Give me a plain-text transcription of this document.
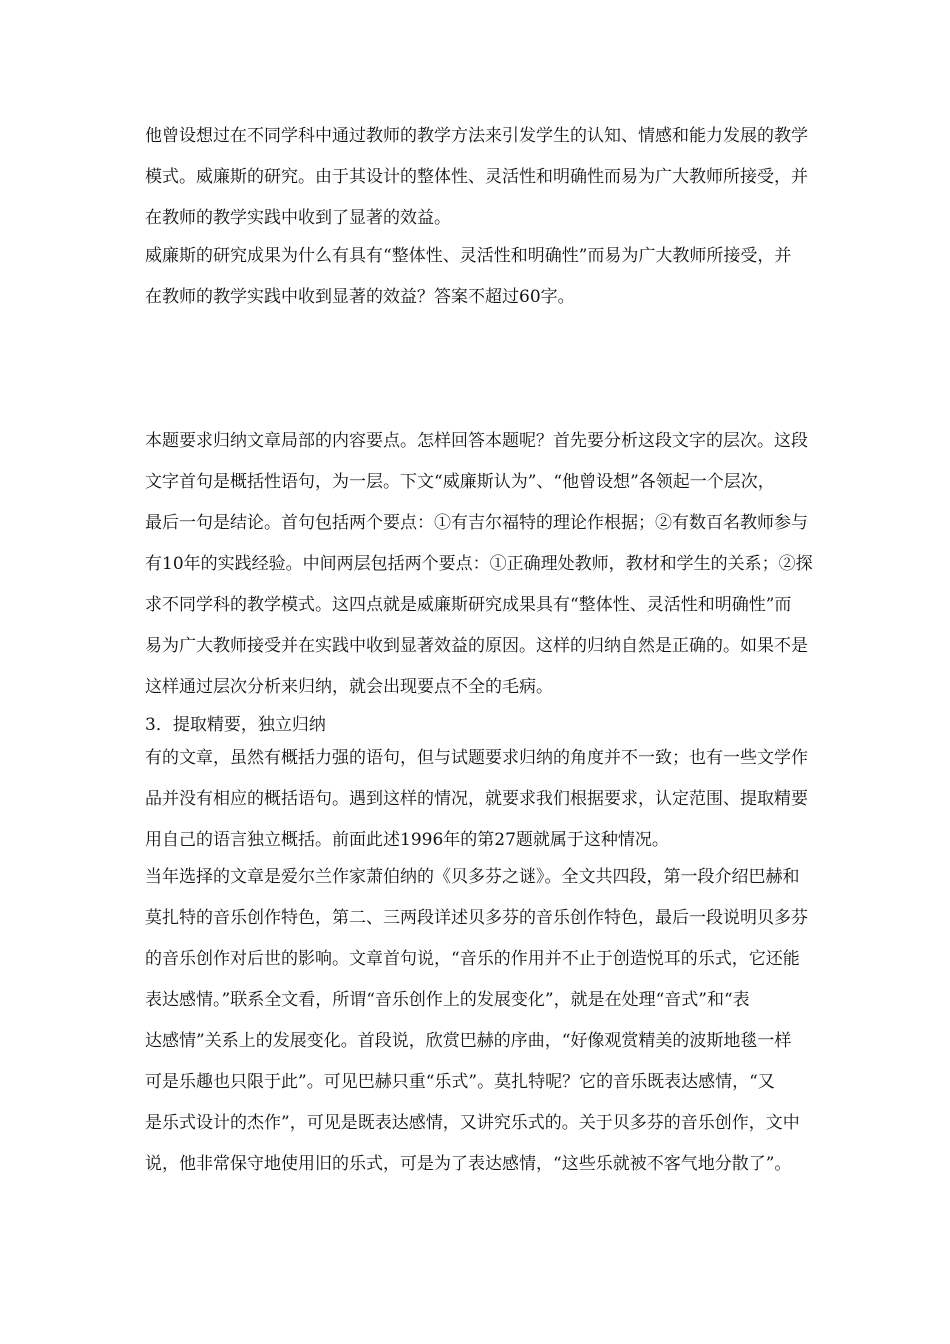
他曾设想过在不同学科中通过教师的教学方法来引发学生的认知、情感和能力发展的教学
模式。威廉斯的研究。由于其设计的整体性、灵活性和明确性而易为广大教师所接受，并
在教师的教学实践中收到了显著的效益。
威廉斯的研究成果为什么有具有“整体性、灵活性和明确性”而易为广大教师所接受，并
在教师的教学实践中收到显著的效益？答案不超过60字。
本题要求归纳文章局部的内容要点。怎样回答本题呢？首先要分析这段文字的层次。这段
文字首句是概括性语句，为一层。下文“威廉斯认为”、“他曾设想”各领起一个层次，
最后一句是结论。首句包括两个要点：①有吉尔福特的理论作根据；②有数百名教师参与
有10年的实践经验。中间两层包括两个要点：①正确理处教师，教材和学生的关系；②探
求不同学科的教学模式。这四点就是威廉斯研究成果具有“整体性、灵活性和明确性”而
易为广大教师接受并在实践中收到显著效益的原因。这样的归纳自然是正确的。如果不是
这样通过层次分析来归纳，就会出现要点不全的毛病。
3．提取精要，独立归纳
有的文章，虽然有概括力强的语句，但与试题要求归纳的角度并不一致；也有一些文学作
品并没有相应的概括语句。遇到这样的情况，就要求我们根据要求，认定范围、提取精要
用自己的语言独立概括。前面此述1996年的第27题就属于这种情况。
当年选择的文章是爱尔兰作家萧伯纳的《贝多芬之谜》。全文共四段，第一段介绍巴赫和
莫扎特的音乐创作特色，第二、三两段详述贝多芬的音乐创作特色，最后一段说明贝多芬
的音乐创作对后世的影响。文章首句说，“音乐的作用并不止于创造悦耳的乐式，它还能
表达感情。”联系全文看，所谓“音乐创作上的发展变化”，就是在处理“音式”和“表
达感情”关系上的发展变化。首段说，欣赏巴赫的序曲，“好像观赏精美的波斯地毯一样
可是乐趣也只限于此”。可见巴赫只重“乐式”。莫扎特呢？它的音乐既表达感情，“又
是乐式设计的杰作”，可见是既表达感情，又讲究乐式的。关于贝多芬的音乐创作，文中
说，他非常保守地使用旧的乐式，可是为了表达感情，“这些乐就被不客气地分散了”。
